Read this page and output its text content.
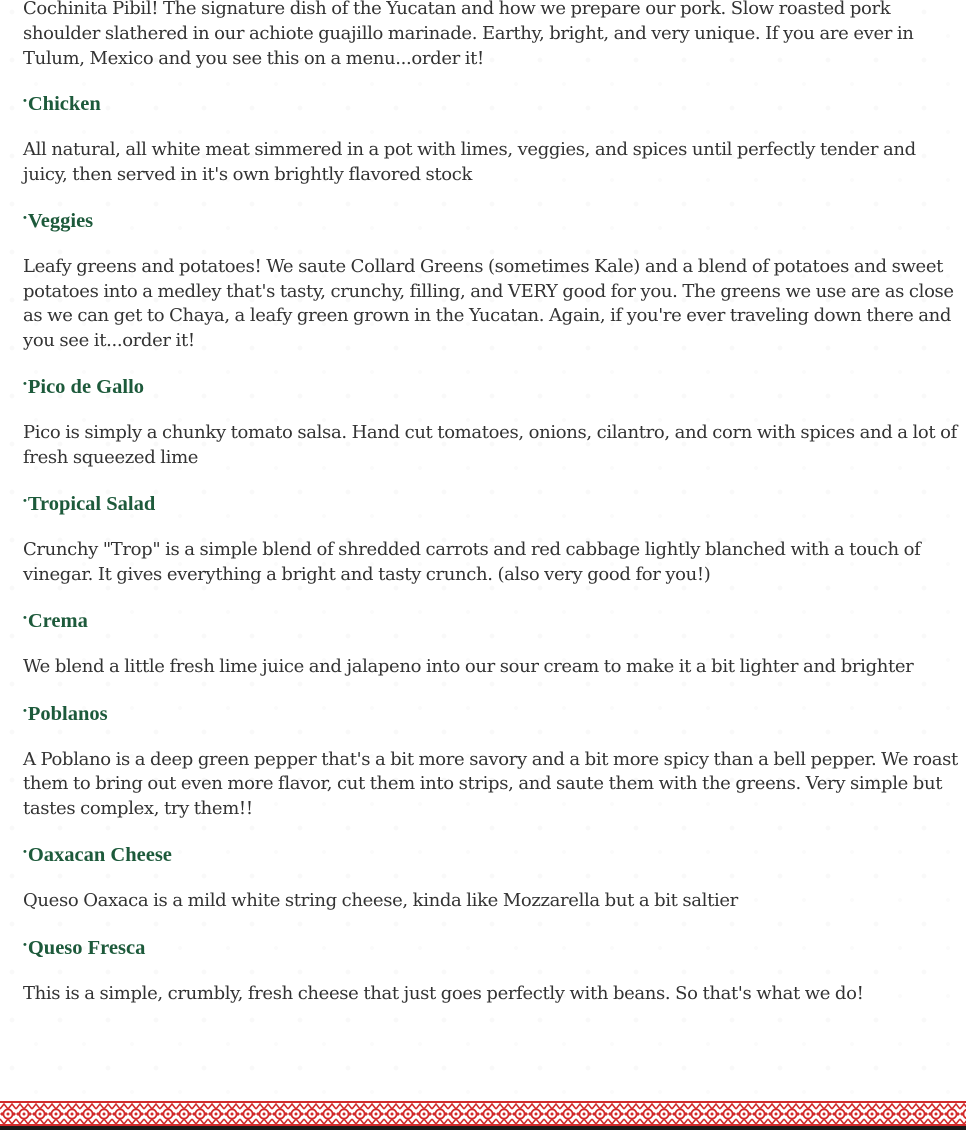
Cochinita Pibil! The signature dish of the Yucatan and how we prepare our pork. Slow roasted pork shoulder slathered in our achiote guajillo marinade. Earthy, bright, and very unique. If you are ever in Tulum, Mexico and you see this on a menu...order it!

• Chicken

All natural, all white meat simmered in a pot with limes, veggies, and spices until perfectly tender and juicy, then served in it's own brightly flavored stock

• Veggies

Leafy greens and potatoes! We saute Collard Greens (sometimes Kale) and a blend of potatoes and sweet potatoes into a medley that's tasty, crunchy, filling, and VERY good for you. The greens we use are as close as we can get to Chaya, a leafy green grown in the Yucatan. Again, if you're ever traveling down there and you see it...order it!

• Pico de Gallo

Pico is simply a chunky tomato salsa. Hand cut tomatoes, onions, cilantro, and corn with spices and a lot of fresh squeezed lime

• Tropical Salad

Crunchy "Trop" is a simple blend of shredded carrots and red cabbage lightly blanched with a touch of vinegar. It gives everything a bright and tasty crunch. (also very good for you!)

• Crema

We blend a little fresh lime juice and jalapeno into our sour cream to make it a bit lighter and brighter

• Poblanos

A Poblano is a deep green pepper that's a bit more savory and a bit more spicy than a bell pepper. We roast them to bring out even more flavor, cut them into strips, and saute them with the greens. Very simple but tastes complex, try them!!

• Oaxacan Cheese

Queso Oaxaca is a mild white string cheese, kinda like Mozzarella but a bit saltier

• Queso Fresca

This is a simple, crumbly, fresh cheese that just goes perfectly with beans. So that's what we do!
